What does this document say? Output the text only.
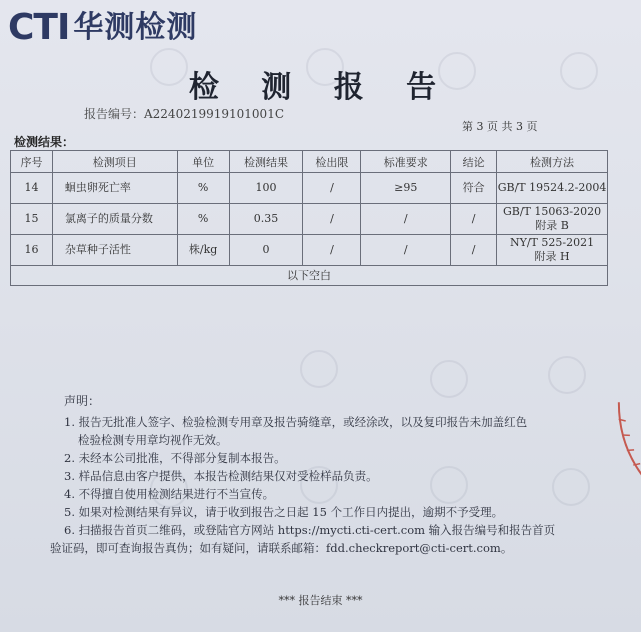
CTI 华测检测
检 测 报 告
报告编号：A2240219919101001C
第 3 页 共 3 页
检测结果：
序号	检测项目	单位	检测结果	检出限	标准要求	结论	检测方法
14	蛔虫卵死亡率	%	100	/	≥95	符合	GB/T 19524.2-2004

15	氯离子的质量分数	%	0.35	/	/	/	GB/T 15063-2020
附录 B

16	杂草种子活性	株/kg	0	/	/	/	NY/T 525-2021
附录 H

以下空白							
声明：
1. 报告无批准人签字、检验检测专用章及报告骑缝章，或经涂改，以及复印报告未加盖红色
检验检测专用章均视作无效。
2. 未经本公司批准，不得部分复制本报告。
3. 样品信息由客户提供，本报告检测结果仅对受检样品负责。
4. 不得擅自使用检测结果进行不当宣传。
5. 如果对检测结果有异议，请于收到报告之日起 15 个工作日内提出，逾期不予受理。
6. 扫描报告首页二维码，或登陆官方网站 https://mycti.cti-cert.com 输入报告编号和报告首页
验证码，即可查询报告真伪；如有疑问，请联系邮箱：fdd.checkreport@cti-cert.com。
*** 报告结束 ***
